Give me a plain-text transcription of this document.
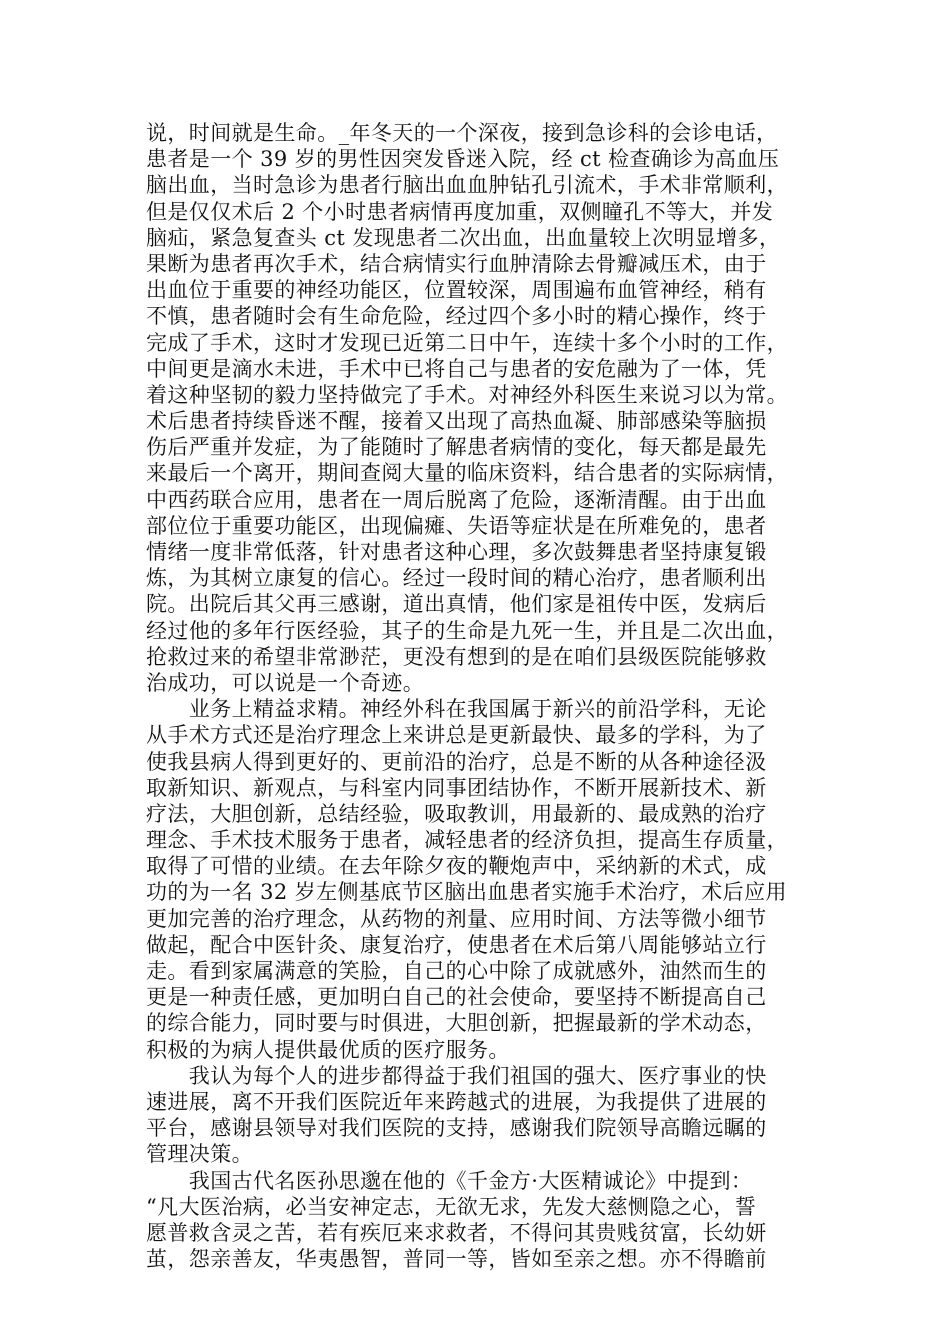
说，时间就是生命。_年冬天的一个深夜，接到急诊科的会诊电话，
患者是一个 39 岁的男性因突发昏迷入院，经 ct 检查确诊为高血压
脑出血，当时急诊为患者行脑出血血肿钻孔引流术，手术非常顺利，
但是仅仅术后 2 个小时患者病情再度加重，双侧瞳孔不等大，并发
脑疝，紧急复查头 ct 发现患者二次出血，出血量较上次明显增多，
果断为患者再次手术，结合病情实行血肿清除去骨瓣减压术，由于
出血位于重要的神经功能区，位置较深，周围遍布血管神经，稍有
不慎，患者随时会有生命危险，经过四个多小时的精心操作，终于
完成了手术，这时才发现已近第二日中午，连续十多个小时的工作，
中间更是滴水未进，手术中已将自己与患者的安危融为了一体，凭
着这种坚韧的毅力坚持做完了手术。对神经外科医生来说习以为常。
术后患者持续昏迷不醒，接着又出现了高热血凝、肺部感染等脑损
伤后严重并发症，为了能随时了解患者病情的变化，每天都是最先
来最后一个离开，期间查阅大量的临床资料，结合患者的实际病情，
中西药联合应用，患者在一周后脱离了危险，逐渐清醒。由于出血
部位位于重要功能区，出现偏瘫、失语等症状是在所难免的，患者
情绪一度非常低落，针对患者这种心理，多次鼓舞患者坚持康复锻
炼，为其树立康复的信心。经过一段时间的精心治疗，患者顺利出
院。出院后其父再三感谢，道出真情，他们家是祖传中医，发病后
经过他的多年行医经验，其子的生命是九死一生，并且是二次出血，
抢救过来的希望非常渺茫，更没有想到的是在咱们县级医院能够救
治成功，可以说是一个奇迹。
　　业务上精益求精。神经外科在我国属于新兴的前沿学科，无论
从手术方式还是治疗理念上来讲总是更新最快、最多的学科，为了
使我县病人得到更好的、更前沿的治疗，总是不断的从各种途径汲
取新知识、新观点，与科室内同事团结协作，不断开展新技术、新
疗法，大胆创新，总结经验，吸取教训，用最新的、最成熟的治疗
理念、手术技术服务于患者，减轻患者的经济负担，提高生存质量，
取得了可惜的业绩。在去年除夕夜的鞭炮声中，采纳新的术式，成
功的为一名 32 岁左侧基底节区脑出血患者实施手术治疗，术后应用
更加完善的治疗理念，从药物的剂量、应用时间、方法等微小细节
做起，配合中医针灸、康复治疗，使患者在术后第八周能够站立行
走。看到家属满意的笑脸，自己的心中除了成就感外，油然而生的
更是一种责任感，更加明白自己的社会使命，要坚持不断提高自己
的综合能力，同时要与时俱进，大胆创新，把握最新的学术动态，
积极的为病人提供最优质的医疗服务。
　　我认为每个人的进步都得益于我们祖国的强大、医疗事业的快
速进展，离不开我们医院近年来跨越式的进展，为我提供了进展的
平台，感谢县领导对我们医院的支持，感谢我们院领导高瞻远瞩的
管理决策。
　　我国古代名医孙思邈在他的《千金方·大医精诚论》中提到：
“凡大医治病，必当安神定志，无欲无求，先发大慈恻隐之心，誓
愿普救含灵之苦，若有疾厄来求救者，不得问其贵贱贫富，长幼妍
茧，怨亲善友，华夷愚智，普同一等，皆如至亲之想。亦不得瞻前
